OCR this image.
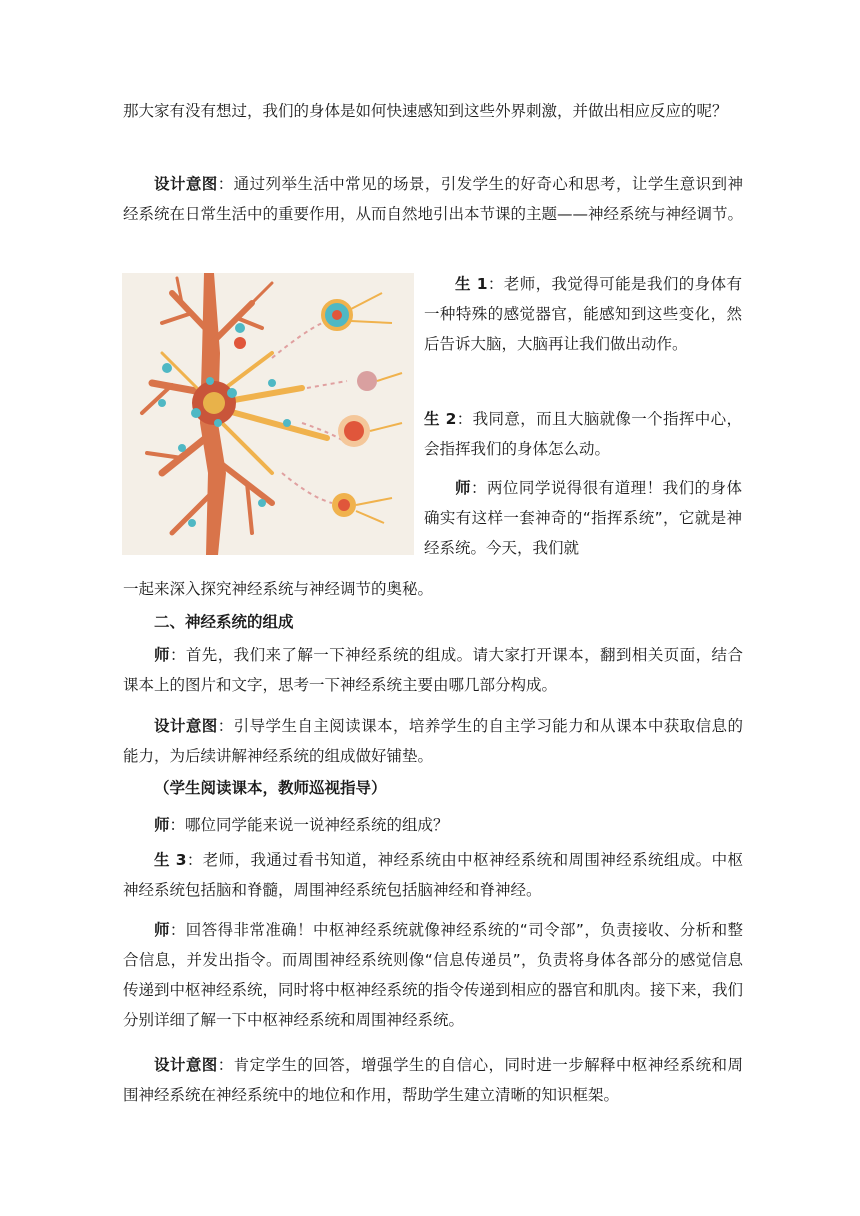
那大家有没有想过，我们的身体是如何快速感知到这些外界刺激，并做出相应反应的呢？

设计意图：通过列举生活中常见的场景，引发学生的好奇心和思考，让学生意识到神经系统在日常生活中的重要作用，从而自然地引出本节课的主题——神经系统与神经调节。

生 1：老师，我觉得可能是我们的身体有一种特殊的感觉器官，能感知到这些变化，然后告诉大脑，大脑再让我们做出动作。

生 2：我同意，而且大脑就像一个指挥中心，会指挥我们的身体怎么动。

师：两位同学说得很有道理！我们的身体确实有这样一套神奇的“指挥系统”，它就是神经系统。今天，我们就

一起来深入探究神经系统与神经调节的奥秘。

二、神经系统的组成

师：首先，我们来了解一下神经系统的组成。请大家打开课本，翻到相关页面，结合课本上的图片和文字，思考一下神经系统主要由哪几部分构成。

设计意图：引导学生自主阅读课本，培养学生的自主学习能力和从课本中获取信息的能力，为后续讲解神经系统的组成做好铺垫。

（学生阅读课本，教师巡视指导）

师：哪位同学能来说一说神经系统的组成？

生 3：老师，我通过看书知道，神经系统由中枢神经系统和周围神经系统组成。中枢神经系统包括脑和脊髓，周围神经系统包括脑神经和脊神经。

师：回答得非常准确！中枢神经系统就像神经系统的“司令部”，负责接收、分析和整合信息，并发出指令。而周围神经系统则像“信息传递员”，负责将身体各部分的感觉信息传递到中枢神经系统，同时将中枢神经系统的指令传递到相应的器官和肌肉。接下来，我们分别详细了解一下中枢神经系统和周围神经系统。

设计意图：肯定学生的回答，增强学生的自信心，同时进一步解释中枢神经系统和周围神经系统在神经系统中的地位和作用，帮助学生建立清晰的知识框架。
